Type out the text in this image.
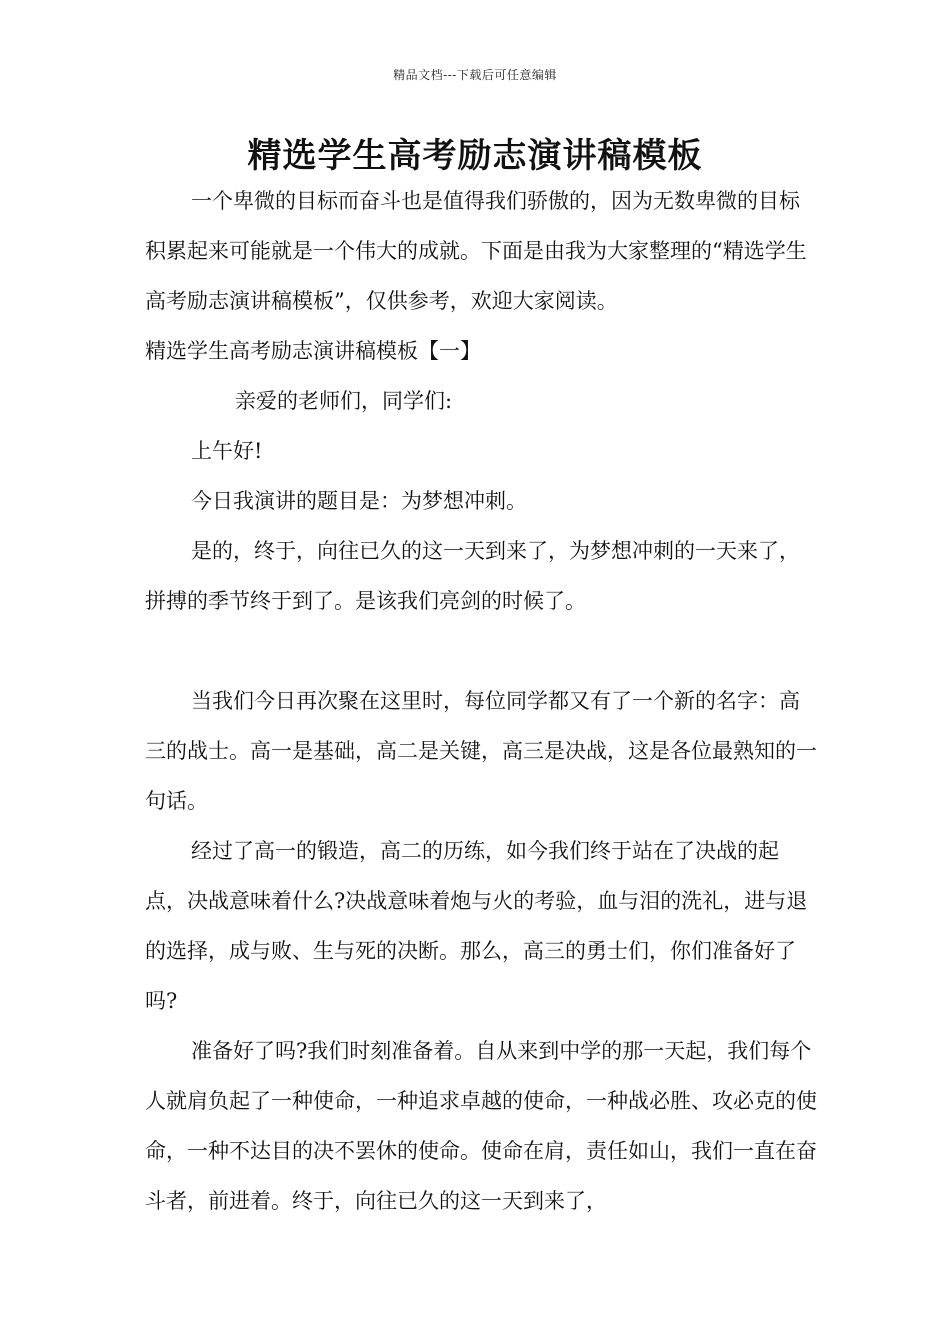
精品文档---下载后可任意编辑
精选学生高考励志演讲稿模板

一个卑微的目标而奋斗也是值得我们骄傲的，因为无数卑微的目标积累起来可能就是一个伟大的成就。下面是由我为大家整理的“精选学生高考励志演讲稿模板”，仅供参考，欢迎大家阅读。

精选学生高考励志演讲稿模板【一】

亲爱的老师们，同学们:

上午好!

今日我演讲的题目是：为梦想冲刺。

是的，终于，向往已久的这一天到来了，为梦想冲刺的一天来了，拼搏的季节终于到了。是该我们亮剑的时候了。

当我们今日再次聚在这里时，每位同学都又有了一个新的名字：高三的战士。高一是基础，高二是关键，高三是决战，这是各位最熟知的一句话。

经过了高一的锻造，高二的历练，如今我们终于站在了决战的起点，决战意味着什么?决战意味着炮与火的考验，血与泪的洗礼，进与退的选择，成与败、生与死的决断。那么，高三的勇士们，你们准备好了吗?

准备好了吗?我们时刻准备着。自从来到中学的那一天起，我们每个人就肩负起了一种使命，一种追求卓越的使命，一种战必胜、攻必克的使命，一种不达目的决不罢休的使命。使命在肩，责任如山，我们一直在奋斗者，前进着。终于，向往已久的这一天到来了，
